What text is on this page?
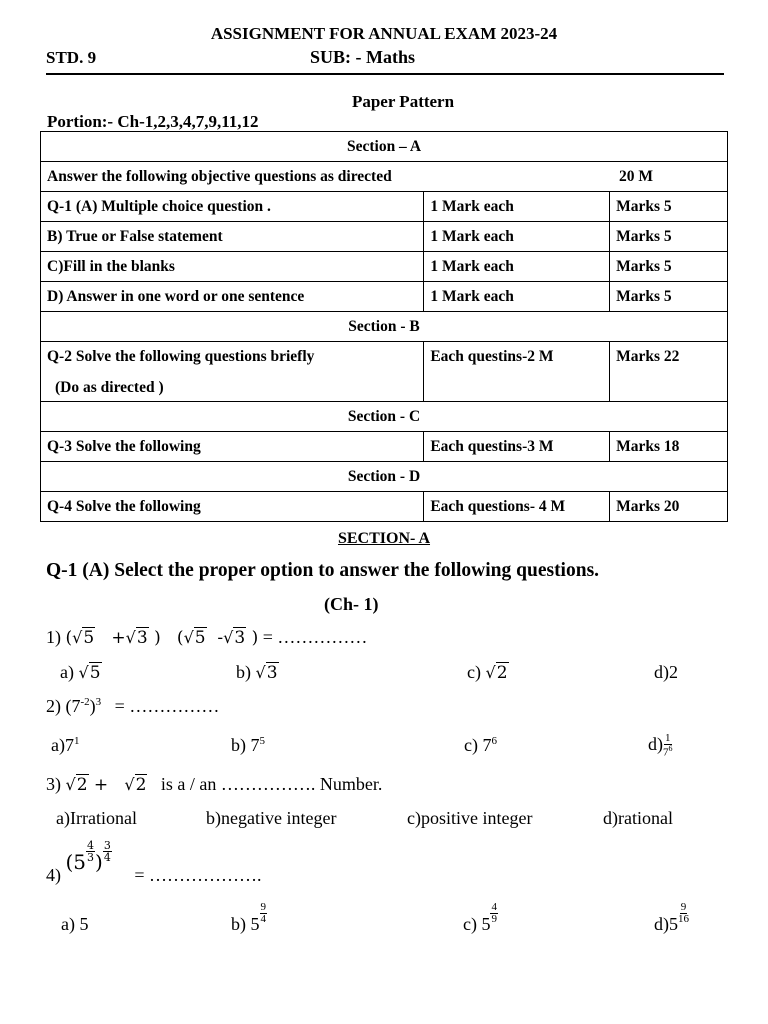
ASSIGNMENT FOR ANNUAL EXAM 2023-24
STD. 9	SUB: - Maths
Paper Pattern
Portion:- Ch-1,2,3,4,7,9,11,12
Section – A		
Answer the following objective questions as directed 20 M		

Q-1 (A) Multiple choice question .	1 Mark each	Marks 5
B) True or False statement	1 Mark each	Marks 5
C)Fill in the blanks	1 Mark each	Marks 5
D) Answer in one word or one sentence	1 Mark each	Marks 5
Section - B		
Q-2 Solve the following questions briefly
(Do as directed )	Each questins-2 M	Marks 22
Section - C		
Q-3 Solve the following	Each questins-3 M	Marks 18
Section - D		
Q-4 Solve the following	Each questions- 4 M	Marks 20
SECTION- A
Q-1 (A) Select the proper option to answer the following questions.
(Ch- 1)
1) (√5   +√3 )   (√5  -√3 ) = ……………
a) √5	b) √3	c) √2	d)2
2) $(7^{-2})^3$ = ……………
$a)7^1$	b) $7^5$	c) $7^6$	$d) \frac{1}{7^6}$
3) √2 +   √2 is a / an ……………. Number.
a)Irrational	b)negative integer	c)positive integer	d)rational
4) ($5 \frac{4}{3}$ ) $\frac{3}{4}$
= ……………….
a) 5	b) $5 \frac{9}{4}$	c) $5 \frac{4}{9}$	$d)5 \frac{9}{16}$
